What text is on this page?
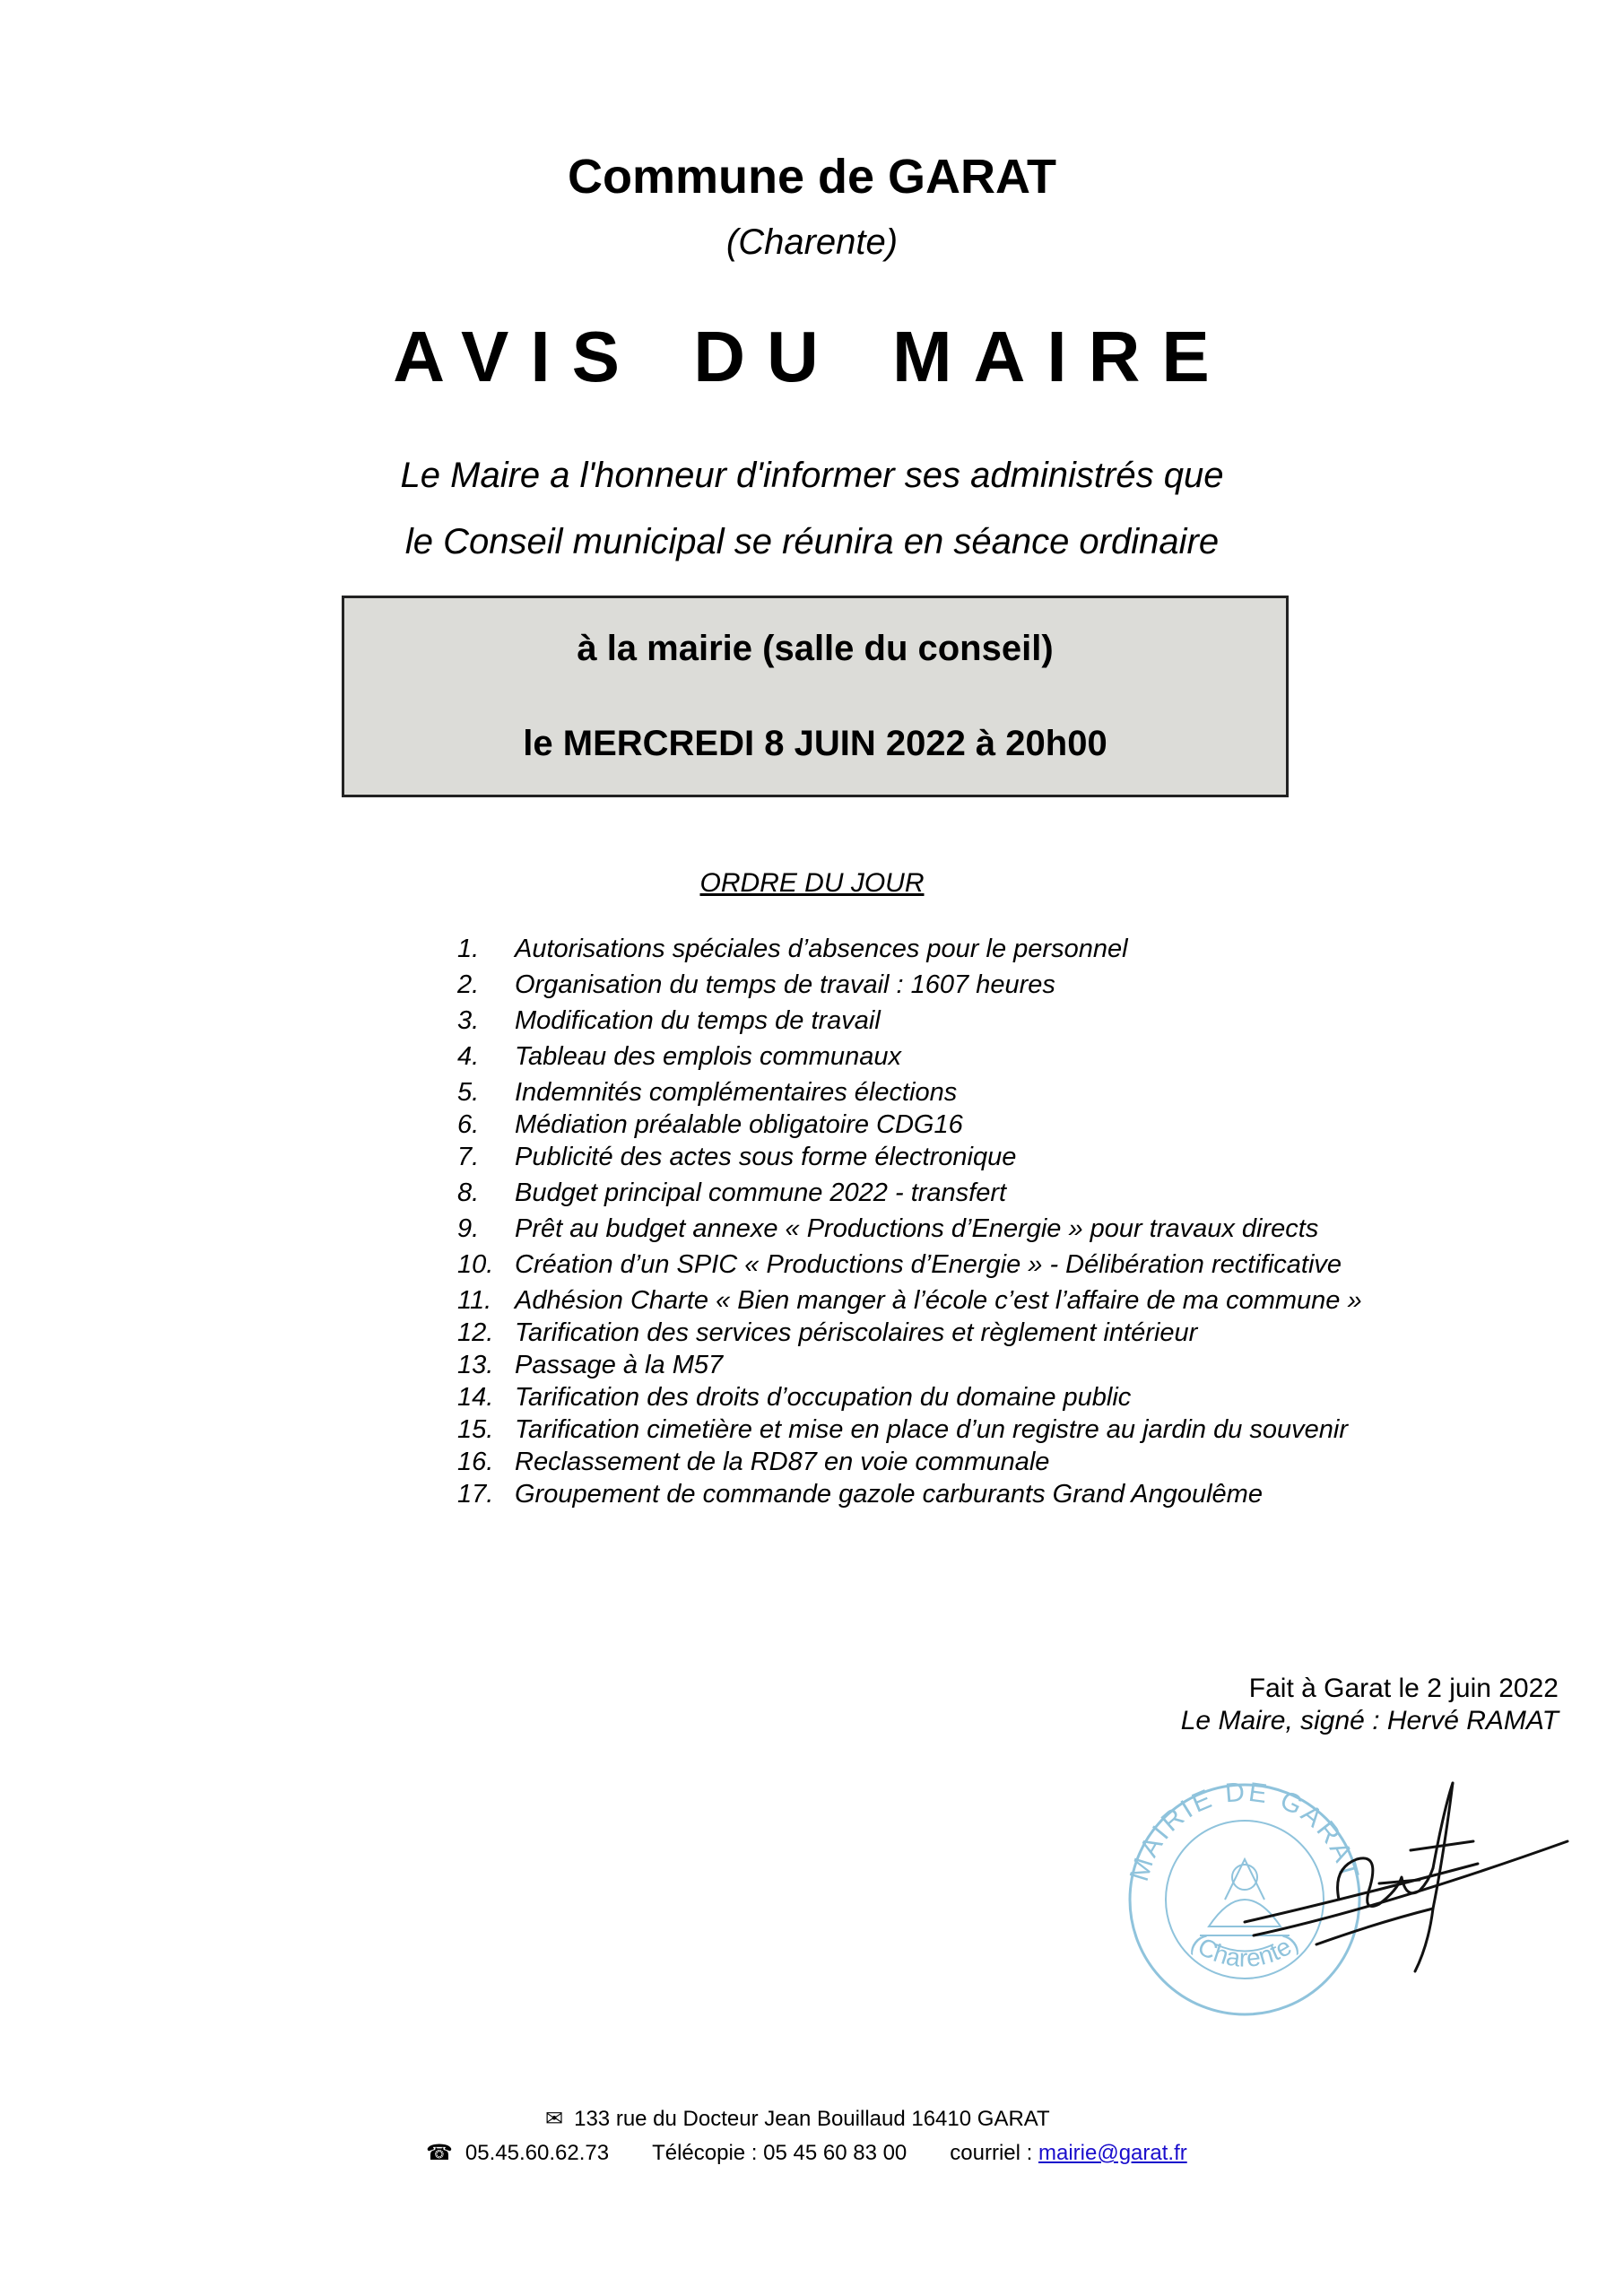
Commune de GARAT
(Charente)
AVIS DU MAIRE
Le Maire a l'honneur d'informer ses administrés que
le Conseil municipal se réunira en séance ordinaire
à la mairie (salle du conseil)
le MERCREDI 8 JUIN 2022 à 20h00
ORDRE DU JOUR
1. Autorisations spéciales d’absences pour le personnel
2. Organisation du temps de travail : 1607 heures
3. Modification du temps de travail
4. Tableau des emplois communaux
5. Indemnités complémentaires élections
6. Médiation préalable obligatoire CDG16
7. Publicité des actes sous forme électronique
8. Budget principal commune 2022 - transfert
9. Prêt au budget annexe « Productions d’Energie » pour travaux directs
10. Création d’un SPIC « Productions d’Energie » - Délibération rectificative
11. Adhésion Charte « Bien manger à l’école c’est l’affaire de ma commune »
12. Tarification des services périscolaires et règlement intérieur
13. Passage à la M57
14. Tarification des droits d’occupation du domaine public
15. Tarification cimetière et mise en place d’un registre au jardin du souvenir
16. Reclassement de la RD87 en voie communale
17. Groupement de commande gazole carburants Grand Angoulême
Fait à Garat le 2 juin 2022
Le Maire, signé : Hervé RAMAT
MAIRIE DE GARAT
(Charente)
✉ 133 rue du Docteur Jean Bouillaud 16410 GARAT
☎ 05.45.60.62.73 Télécopie : 05 45 60 83 00 courriel : mairie@garat.fr
